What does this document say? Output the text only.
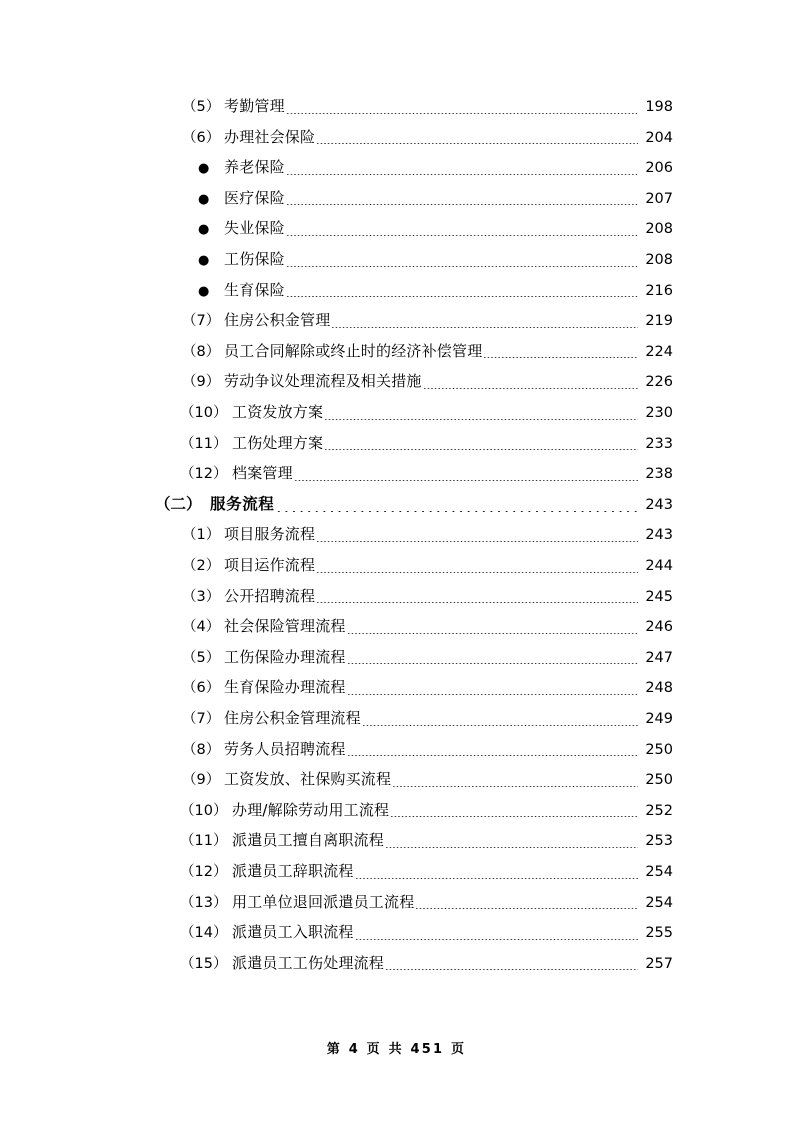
（5） 考勤管理	198
（6） 办理社会保险	204
● 养老保险	206
● 医疗保险	207
● 失业保险	208
● 工伤保险	208
● 生育保险	216
（7） 住房公积金管理	219
（8） 员工合同解除或终止时的经济补偿管理	224
（9） 劳动争议处理流程及相关措施	226
（10） 工资发放方案	230
（11） 工伤处理方案	233
（12） 档案管理	238
（二） 服务流程	243
（1） 项目服务流程	243
（2） 项目运作流程	244
（3） 公开招聘流程	245
（4） 社会保险管理流程	246
（5） 工伤保险办理流程	247
（6） 生育保险办理流程	248
（7） 住房公积金管理流程	249
（8） 劳务人员招聘流程	250
（9） 工资发放、社保购买流程	250
（10） 办理/解除劳动用工流程	252
（11） 派遣员工擅自离职流程	253
（12） 派遣员工辞职流程	254
（13） 用工单位退回派遣员工流程	254
（14） 派遣员工入职流程	255
（15） 派遣员工工伤处理流程	257
第 4 页 共 451 页
